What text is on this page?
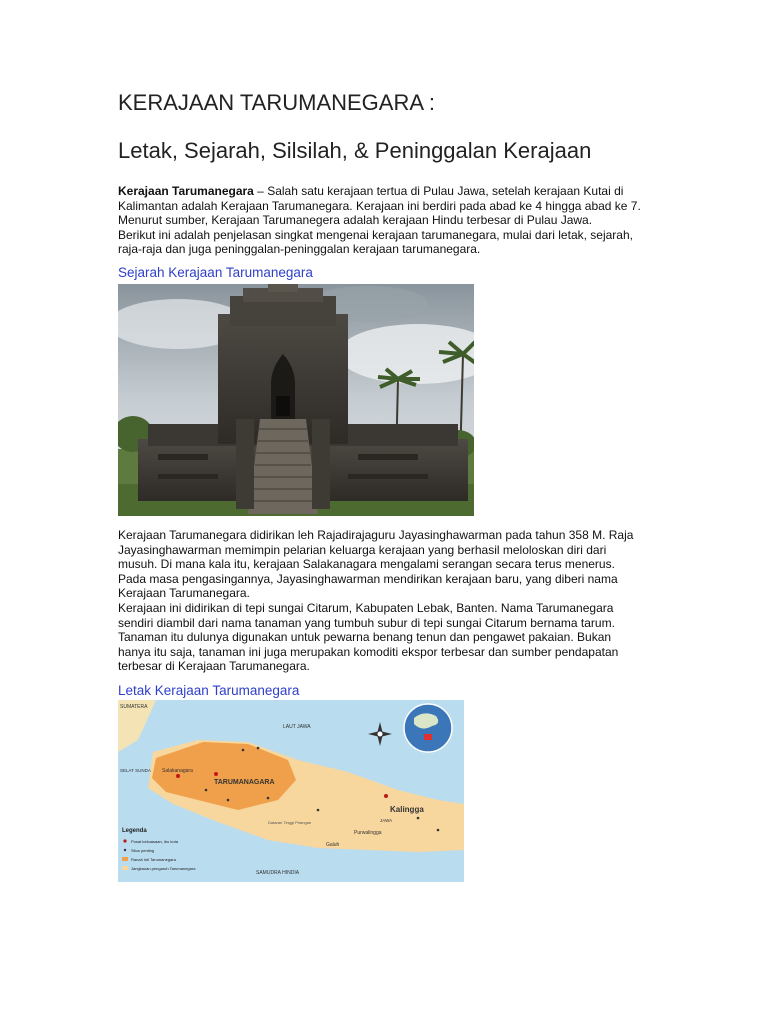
KERAJAAN TARUMANEGARA :
Letak, Sejarah, Silsilah, & Peninggalan Kerajaan

Kerajaan Tarumanegara – Salah satu kerajaan tertua di Pulau Jawa, setelah kerajaan Kutai di
Kalimantan adalah Kerajaan Tarumanegara. Kerajaan ini berdiri pada abad ke 4 hingga abad ke 7.
Menurut sumber, Kerajaan Tarumanegera adalah kerajaan Hindu terbesar di Pulau Jawa.
Berikut ini adalah penjelasan singkat mengenai kerajaan tarumanegara, mulai dari letak, sejarah,
raja-raja dan juga peninggalan-peninggalan kerajaan tarumanegara.

Sejarah Kerajaan Tarumanegara

Kerajaan Tarumanegara didirikan leh Rajadirajaguru Jayasinghawarman pada tahun 358 M. Raja
Jayasinghawarman memimpin pelarian keluarga kerajaan yang berhasil meloloskan diri dari
musuh. Di mana kala itu, kerajaan Salakanagara mengalami serangan secara terus menerus.
Pada masa pengasingannya, Jayasinghawarman mendirikan kerajaan baru, yang diberi nama
Kerajaan Tarumanegara.
Kerajaan ini didirikan di tepi sungai Citarum, Kabupaten Lebak, Banten. Nama Tarumanegara
sendiri diambil dari nama tanaman yang tumbuh subur di tepi sungai Citarum bernama tarum.
Tanaman itu dulunya digunakan untuk pewarna benang tenun dan pengawet pakaian. Bukan
hanya itu saja, tanaman ini juga merupakan komoditi ekspor terbesar dan sumber pendapatan
terbesar di Kerajaan Tarumanegara.

Letak Kerajaan Tarumanegara
SUMATERA
LAUT JAWA
SELAT SUNDA
TARUMANAGARA
Salakanagara
Kalingga
Galuh
Purwalingga
SAMUDRA HINDIA
JAWA
Dataran Tinggi Priangan
Legenda
Pusat kekuasaan, ibu kota
Situs penting
Ranah inti Tarumanegara
Jangkauan pengaruh Tarumanegara
